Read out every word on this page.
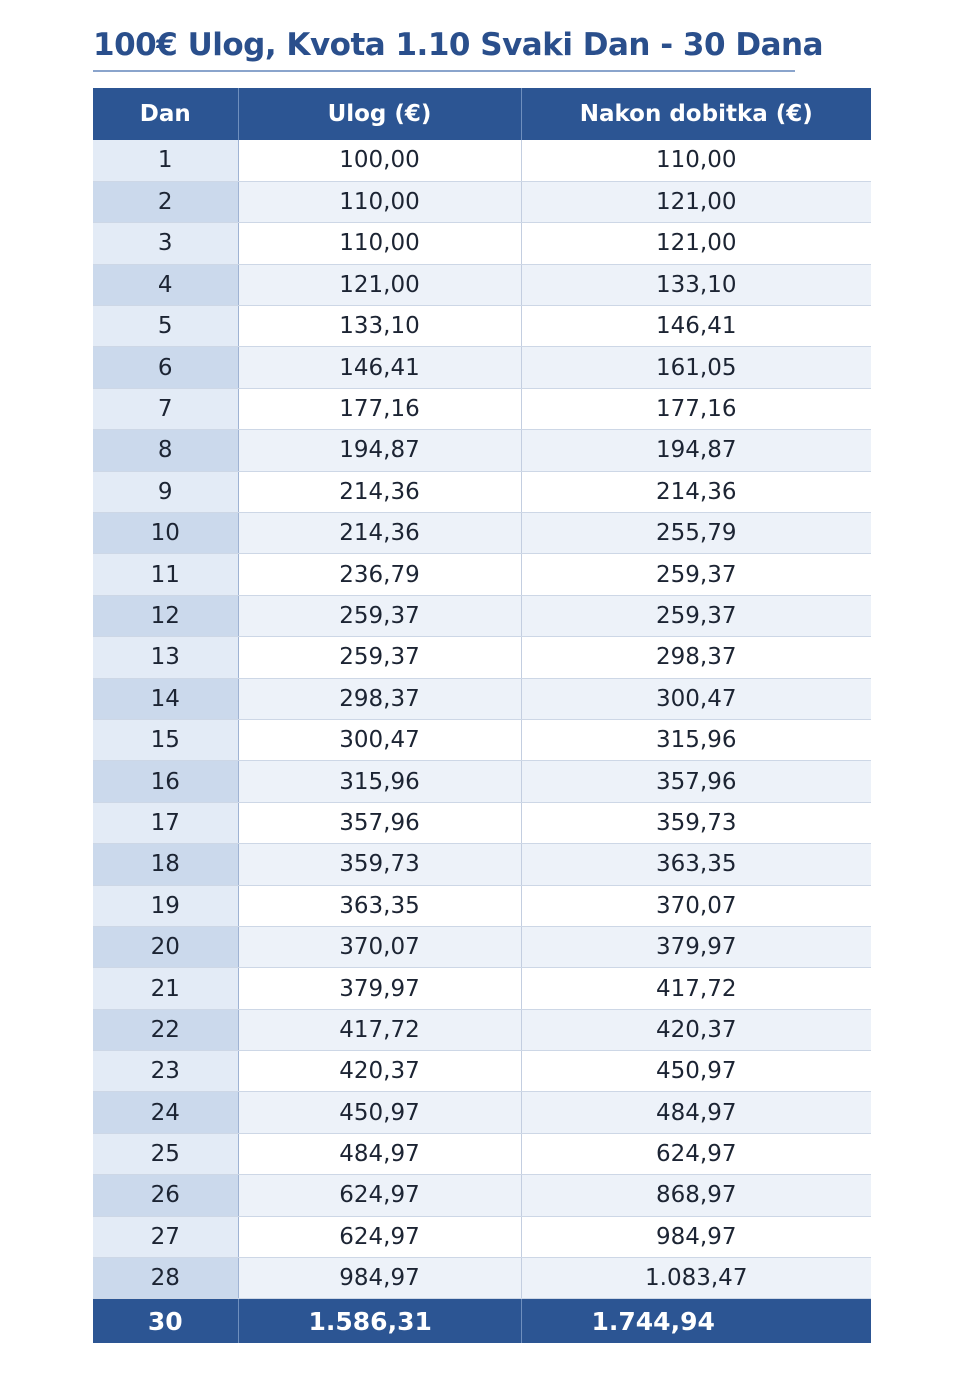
100€ Ulog, Kvota 1.10 Svaki Dan - 30 Dana
Dan	Ulog (€)	Nakon dobitka (€)
1	100,00	110,00
2	110,00	121,00
3	110,00	121,00
4	121,00	133,10
5	133,10	146,41
6	146,41	161,05
7	177,16	177,16
8	194,87	194,87
9	214,36	214,36
10	214,36	255,79
11	236,79	259,37
12	259,37	259,37
13	259,37	298,37
14	298,37	300,47
15	300,47	315,96
16	315,96	357,96
17	357,96	359,73
18	359,73	363,35
19	363,35	370,07
20	370,07	379,97
21	379,97	417,72
22	417,72	420,37
23	420,37	450,97
24	450,97	484,97
25	484,97	624,97
26	624,97	868,97
27	624,97	984,97
28	984,97	1.083,47
30	1.586,31	1.744,94
